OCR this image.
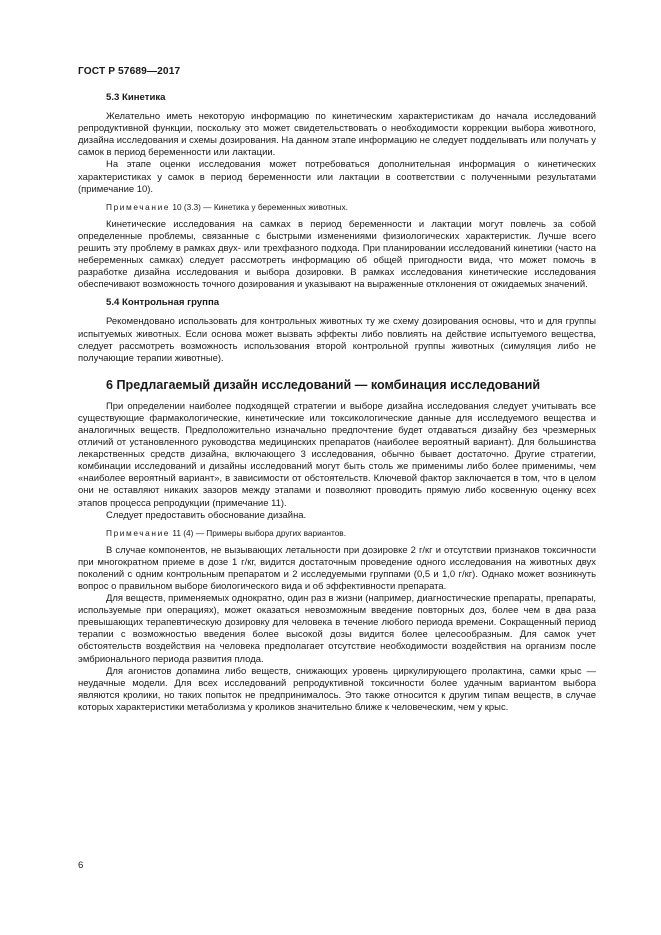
ГОСТ Р 57689—2017
5.3 Кинетика

Желательно иметь некоторую информацию по кинетическим характеристикам до начала исследований репродуктивной функции, поскольку это может свидетельствовать о необходимости коррекции выбора животного, дизайна исследования и схемы дозирования. На данном этапе информацию не следует подделывать или получать у самок в период беременности или лактации.

На этапе оценки исследования может потребоваться дополнительная информация о кинетических характеристиках у самок в период беременности или лактации в соответствии с полученными результатами (примечание 10).

Примечание 10 (3.3) — Кинетика у беременных животных.

Кинетические исследования на самках в период беременности и лактации могут повлечь за собой определенные проблемы, связанные с быстрыми изменениями физиологических характеристик. Лучше всего решить эту проблему в рамках двух- или трехфазного подхода. При планировании исследований кинетики (часто на небеременных самках) следует рассмотреть информацию об общей пригодности вида, что может помочь в разработке дизайна исследования и выбора дозировки. В рамках исследования кинетические исследования обеспечивают возможность точного дозирования и указывают на выраженные отклонения от ожидаемых значений.

5.4 Контрольная группа

Рекомендовано использовать для контрольных животных ту же схему дозирования основы, что и для группы испытуемых животных. Если основа может вызвать эффекты либо повлиять на действие испытуемого вещества, следует рассмотреть возможность использования второй контрольной группы животных (симуляция либо не получающие терапии животные).

6 Предлагаемый дизайн исследований — комбинация исследований

При определении наиболее подходящей стратегии и выборе дизайна исследования следует учитывать все существующие фармакологические, кинетические или токсикологические данные для исследуемого вещества и аналогичных веществ. Предположительно изначально предпочтение будет отдаваться дизайну без чрезмерных отличий от установленного руководства медицинских препаратов (наиболее вероятный вариант). Для большинства лекарственных средств дизайна, включающего 3 исследования, обычно бывает достаточно. Другие стратегии, комбинации исследований и дизайны исследований могут быть столь же применимы либо более применимы, чем «наиболее вероятный вариант», в зависимости от обстоятельств. Ключевой фактор заключается в том, что в целом они не оставляют никаких зазоров между этапами и позволяют проводить прямую либо косвенную оценку всех этапов процесса репродукции (примечание 11).

Следует предоставить обоснование дизайна.

Примечание 11 (4) — Примеры выбора других вариантов.

В случае компонентов, не вызывающих летальности при дозировке 2 г/кг и отсутствии признаков токсичности при многократном приеме в дозе 1 г/кг, видится достаточным проведение одного исследования на животных двух поколений с одним контрольным препаратом и 2 исследуемыми группами (0,5 и 1,0 г/кг). Однако может возникнуть вопрос о правильном выборе биологического вида и об эффективности препарата.

Для веществ, применяемых однократно, один раз в жизни (например, диагностические препараты, препараты, используемые при операциях), может оказаться невозможным введение повторных доз, более чем в два раза превышающих терапевтическую дозировку для человека в течение любого периода времени. Сокращенный период терапии с возможностью введения более высокой дозы видится более целесообразным. Для самок учет обстоятельств воздействия на человека предполагает отсутствие необходимости воздействия на организм после эмбрионального периода развития плода.

Для агонистов допамина либо веществ, снижающих уровень циркулирующего пролактина, самки крыс — неудачные модели. Для всех исследований репродуктивной токсичности более удачным вариантом выбора являются кролики, но таких попыток не предпринималось. Это также относится к другим типам веществ, в случае которых характеристики метаболизма у кроликов значительно ближе к человеческим, чем у крыс.

6
